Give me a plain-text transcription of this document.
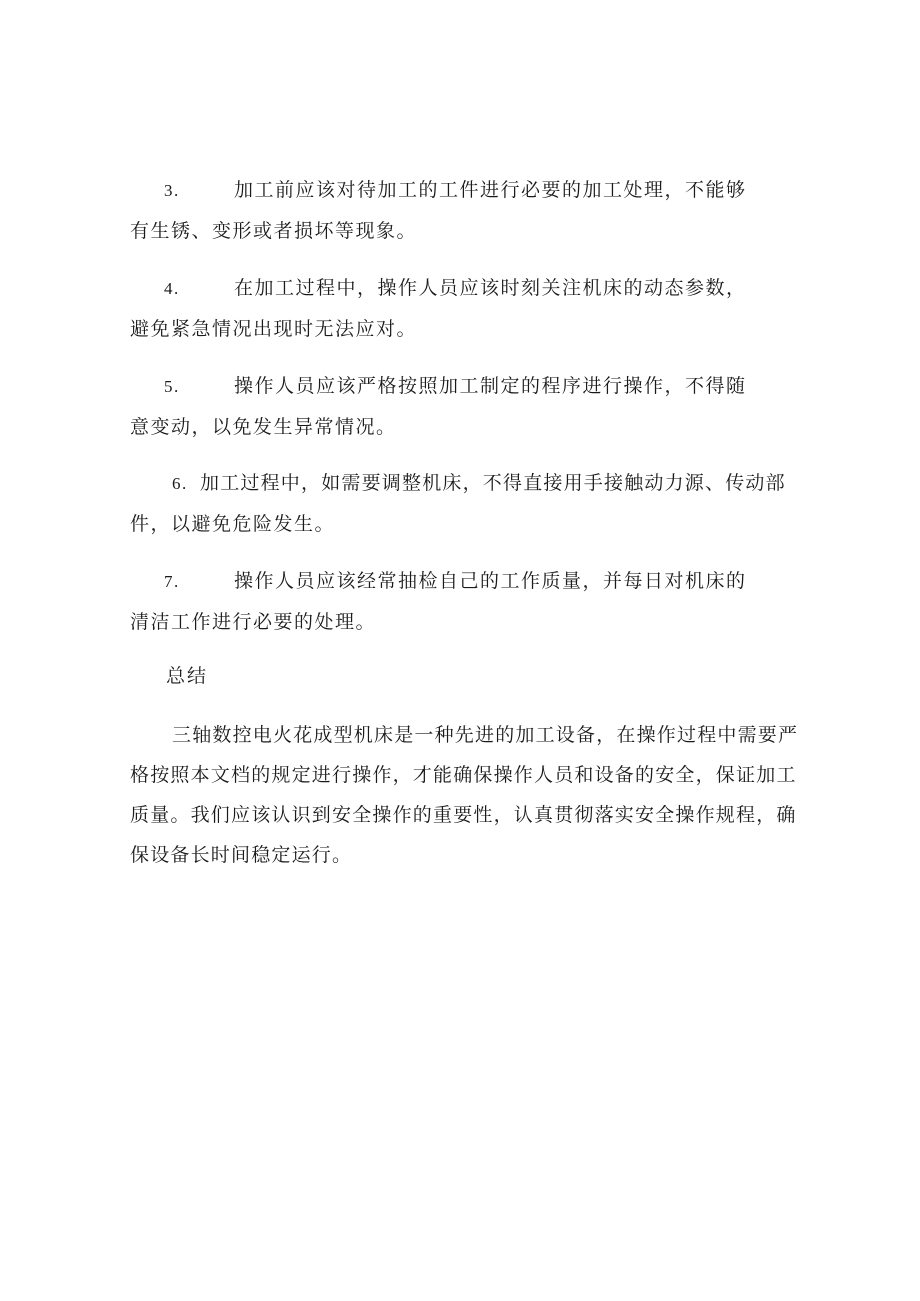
3.	加工前应该对待加工的工件进行必要的加工处理，不能够
有生锈、变形或者损坏等现象。
4.	在加工过程中，操作人员应该时刻关注机床的动态参数，
避免紧急情况出现时无法应对。
5.	操作人员应该严格按照加工制定的程序进行操作，不得随
意变动，以免发生异常情况。
6. 加工过程中，如需要调整机床，不得直接用手接触动力源、传动部
件，以避免危险发生。
7.	操作人员应该经常抽检自己的工作质量，并每日对机床的
清洁工作进行必要的处理。
总结
三轴数控电火花成型机床是一种先进的加工设备，在操作过程中需要严
格按照本文档的规定进行操作，才能确保操作人员和设备的安全，保证加工
质量。我们应该认识到安全操作的重要性，认真贯彻落实安全操作规程，确
保设备长时间稳定运行。
